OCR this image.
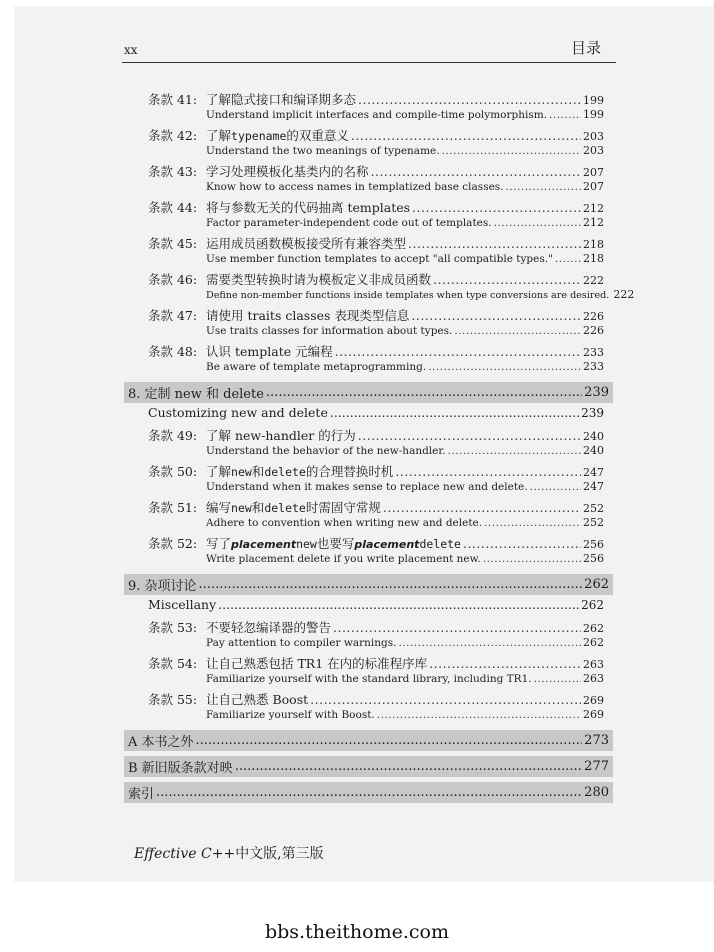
xx	目录
条款 41: 了解隐式接口和编译期多态 .....	199
Understand implicit interfaces and compile-time polymorphism. .....	199
条款 42: 了解 typename 的双重意义 .....	203
Understand the two meanings of typename. .....	203
条款 43: 学习处理模板化基类内的名称 .....	207
Know how to access names in templatized base classes. .....	207
条款 44: 将与参数无关的代码抽离 templates .....	212
Factor parameter-independent code out of templates. .....	212
条款 45: 运用成员函数模板接受所有兼容类型 .....	218
Use member function templates to accept "all compatible types." .....	218
条款 46: 需要类型转换时请为模板定义非成员函数 .....	222
Define non-member functions inside templates when type conversions are desired. 222
条款 47: 请使用 traits classes 表现类型信息 .....	226
Use traits classes for information about types. .....	226
条款 48: 认识 template 元编程 .....	233
Be aware of template metaprogramming. .....	233
8. 定制 new 和 delete .....	239
Customizing new and delete .....	239
条款 49: 了解 new-handler 的行为 .....	240
Understand the behavior of the new-handler. .....	240
条款 50: 了解 new 和 delete 的合理替换时机 .....	247
Understand when it makes sense to replace new and delete. .....	247
条款 51: 编写 new 和 delete 时需固守常规 .....	252
Adhere to convention when writing new and delete. .....	252
条款 52: 写了 placement new 也要写 placement delete .....	256
Write placement delete if you write placement new. .....	256
9. 杂项讨论 .....	262
Miscellany .....	262
条款 53: 不要轻忽编译器的警告 .....	262
Pay attention to compiler warnings. .....	262
条款 54: 让自己熟悉包括 TR1 在内的标准程序库 .....	263
Familiarize yourself with the standard library, including TR1. .....	263
条款 55: 让自己熟悉 Boost .....	269
Familiarize yourself with Boost. .....	269
A 本书之外 .....	273
B 新旧版条款对映 .....	277
索引 .....	280
Effective C++中文版,第三版
bbs.theithome.com
